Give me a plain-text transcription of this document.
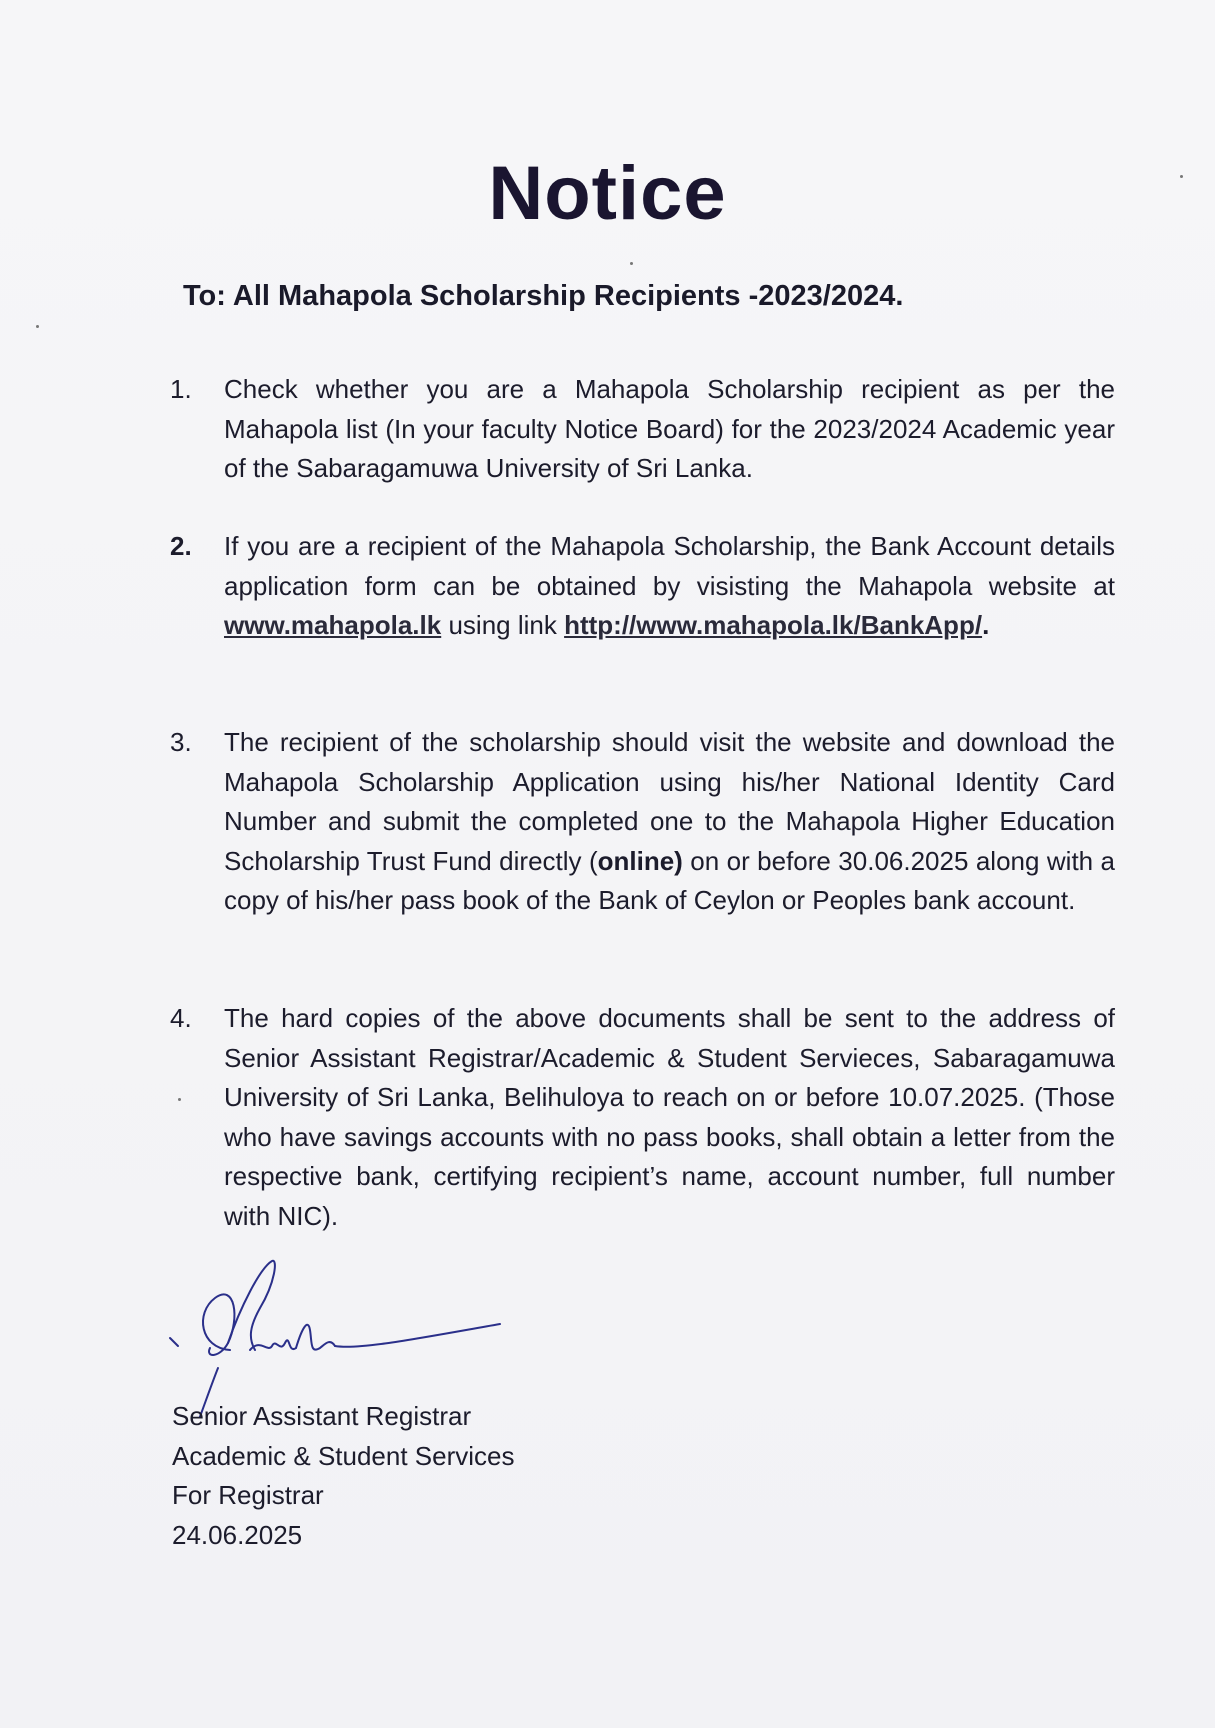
Notice
To: All Mahapola Scholarship Recipients -2023/2024.
1.	Check whether you are a Mahapola Scholarship recipient as per the Mahapola list (In your faculty Notice Board) for the 2023/2024 Academic year of the Sabaragamuwa University of Sri Lanka.
2.	If you are a recipient of the Mahapola Scholarship, the Bank Account details application form can be obtained by visisting the Mahapola website at www.mahapola.lk using link http://www.mahapola.lk/BankApp/.
3.	The recipient of the scholarship should visit the website and download the Mahapola Scholarship Application using his/her National Identity Card Number and submit the completed one to the Mahapola Higher Education Scholarship Trust Fund directly (online) on or before 30.06.2025 along with a copy of his/her pass book of the Bank of Ceylon or Peoples bank account.
4.	The hard copies of the above documents shall be sent to the address of Senior Assistant Registrar/Academic & Student Servieces, Sabaragamuwa University of Sri Lanka, Belihuloya to reach on or before 10.07.2025. (Those who have savings accounts with no pass books, shall obtain a letter from the respective bank, certifying recipient’s name, account number, full number with NIC).
Senior Assistant Registrar
Academic & Student Services
For Registrar
24.06.2025
